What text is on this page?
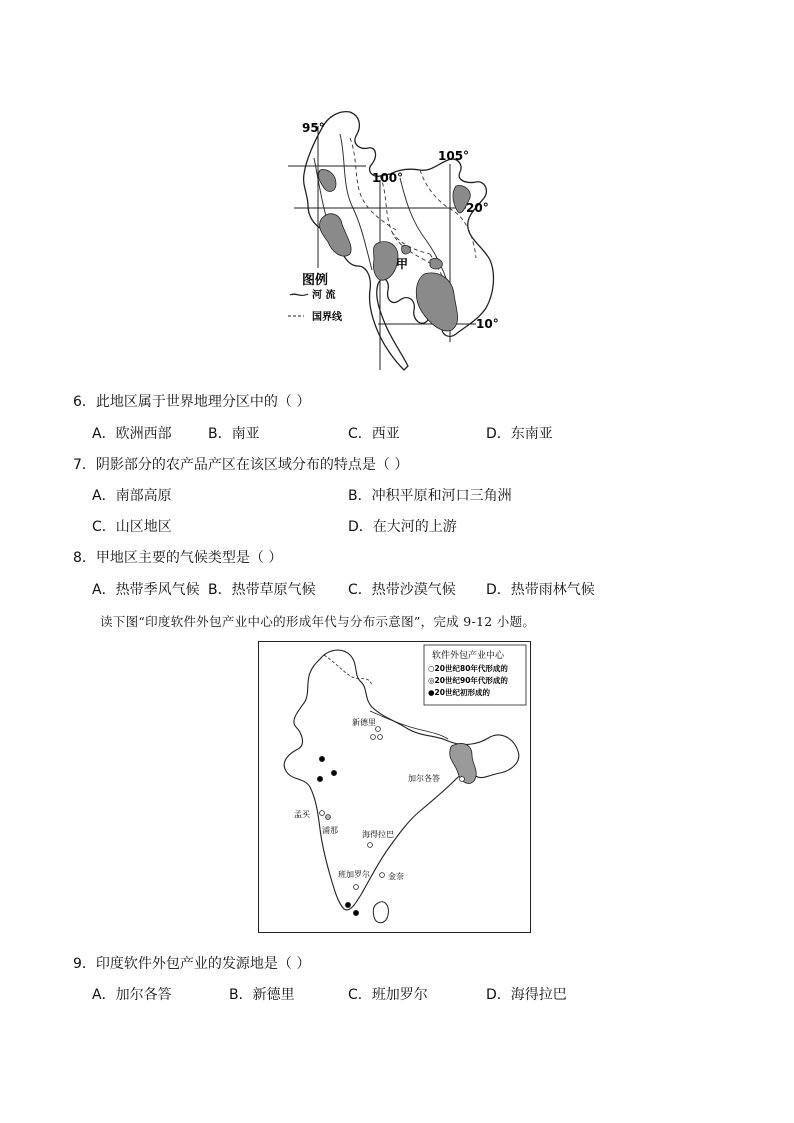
95°
100°
105°
20°
10°
甲
图例
河 流
国界线
6．此地区属于世界地理分区中的（ ）
A．欧洲西部	B．南亚	C．西亚	D．东南亚
7．阴影部分的农产品产区在该区域分布的特点是（ ）
A．南部高原	B．冲积平原和河口三角洲
C．山区地区	D．在大河的上游
8．甲地区主要的气候类型是（ ）
A．热带季风气候 B．热带草原气候 C．热带沙漠气候 D．热带雨林气候
读下图“印度软件外包产业中心的形成年代与分布示意图”，完成 9-12 小题。
软件外包产业中心
○20世纪80年代形成的
◎20世纪90年代形成的
●20世纪初形成的
新德里
加尔各答
孟买
浦那	海得拉巴
班加罗尔 金奈
9．印度软件外包产业的发源地是（ ）
A．加尔各答	B．新德里	C．班加罗尔	D．海得拉巴
